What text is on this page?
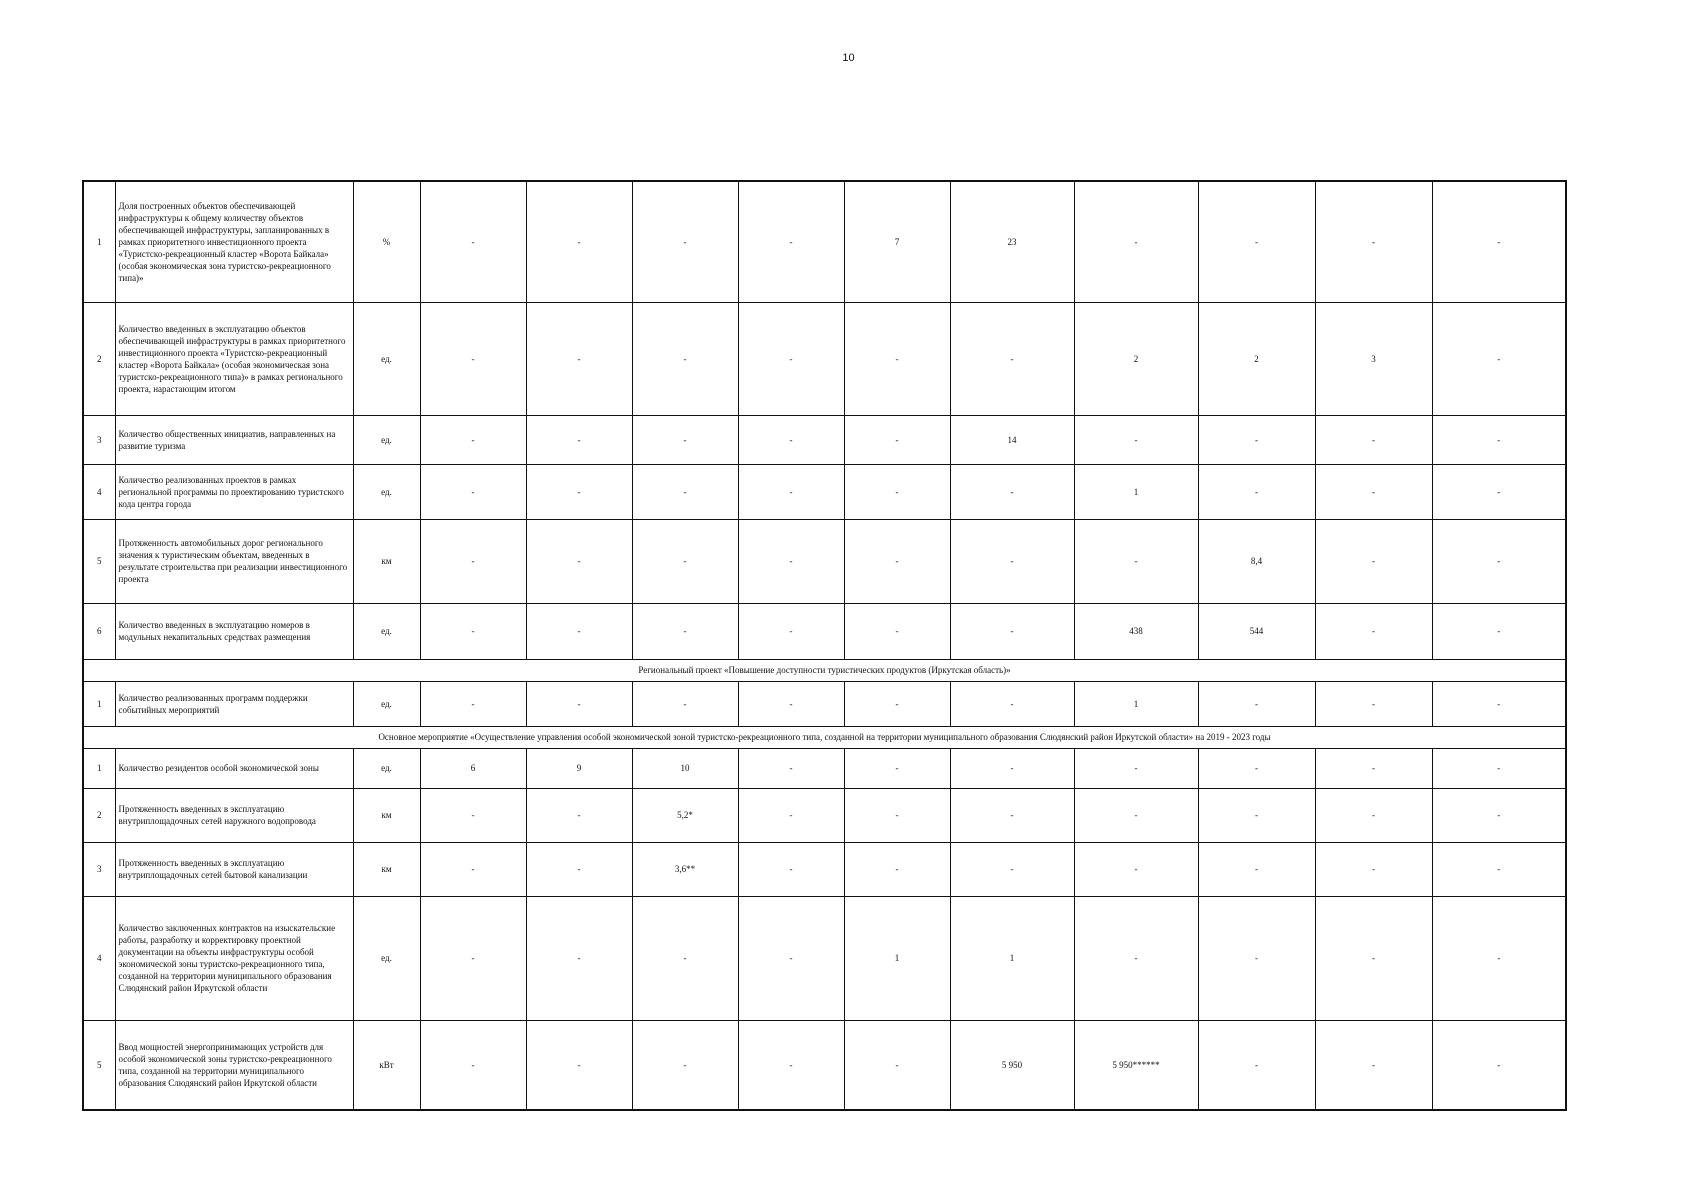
10
1	Доля построенных объектов обеспечивающей инфраструктуры к общему количеству объектов обеспечивающей инфраструктуры, запланированных в рамках приоритетного инвестиционного проекта «Туристско-рекреационный кластер «Ворота Байкала» (особая экономическая зона туристско-рекреационного типа)»	%	-	-	-	-	7	23	-	-	-	-
2	Количество введенных в эксплуатацию объектов обеспечивающей инфраструктуры в рамках приоритетного инвестиционного проекта «Туристско-рекреационный кластер «Ворота Байкала» (особая экономическая зона туристско-рекреационного типа)» в рамках регионального проекта, нарастающим итогом	ед.	-	-	-	-	-	-	2	2	3	-
3	Количество общественных инициатив, направленных на развитие туризма	ед.	-	-	-	-	-	14	-	-	-	-
4	Количество реализованных проектов в рамках региональной программы по проектированию туристского кода центра города	ед.	-	-	-	-	-	-	1	-	-	-
5	Протяженность автомобильных дорог регионального значения к туристическим объектам, введенных в результате строительства при реализации инвестиционного проекта	км	-	-	-	-	-	-	-	8,4	-	-
6	Количество введенных в эксплуатацию номеров в модульных некапитальных средствах размещения	ед.	-	-	-	-	-	-	438	544	-	-
Региональный проект «Повышение доступности туристических продуктов (Иркутская область)»												
1	Количество реализованных программ поддержки событийных мероприятий	ед.	-	-	-	-	-	-	1	-	-	-
Основное мероприятие «Осуществление управления особой экономической зоной туристско-рекреационного типа, созданной на территории муниципального образования Слюдянский район Иркутской области» на 2019 - 2023 годы												
1	Количество резидентов особой экономической зоны	ед.	6	9	10	-	-	-	-	-	-	-
2	Протяженность введенных в эксплуатацию внутриплощадочных сетей наружного водопровода	км	-	-	5,2*	-	-	-	-	-	-	-
3	Протяженность введенных в эксплуатацию внутриплощадочных сетей бытовой канализации	км	-	-	3,6**	-	-	-	-	-	-	-
4	Количество заключенных контрактов на изыскательские работы, разработку и корректировку проектной документации на объекты инфраструктуры особой экономической зоны туристско-рекреационного типа, созданной на территории муниципального образования Слюдянский район Иркутской области	ед.	-	-	-	-	1	1	-	-	-	-
5	Ввод мощностей энергопринимающих устройств для особой экономической зоны туристско-рекреационного типа, созданной на территории муниципального образования Слюдянский район Иркутской области	кВт	-	-	-	-	-	5 950	5 950******	-	-	-
